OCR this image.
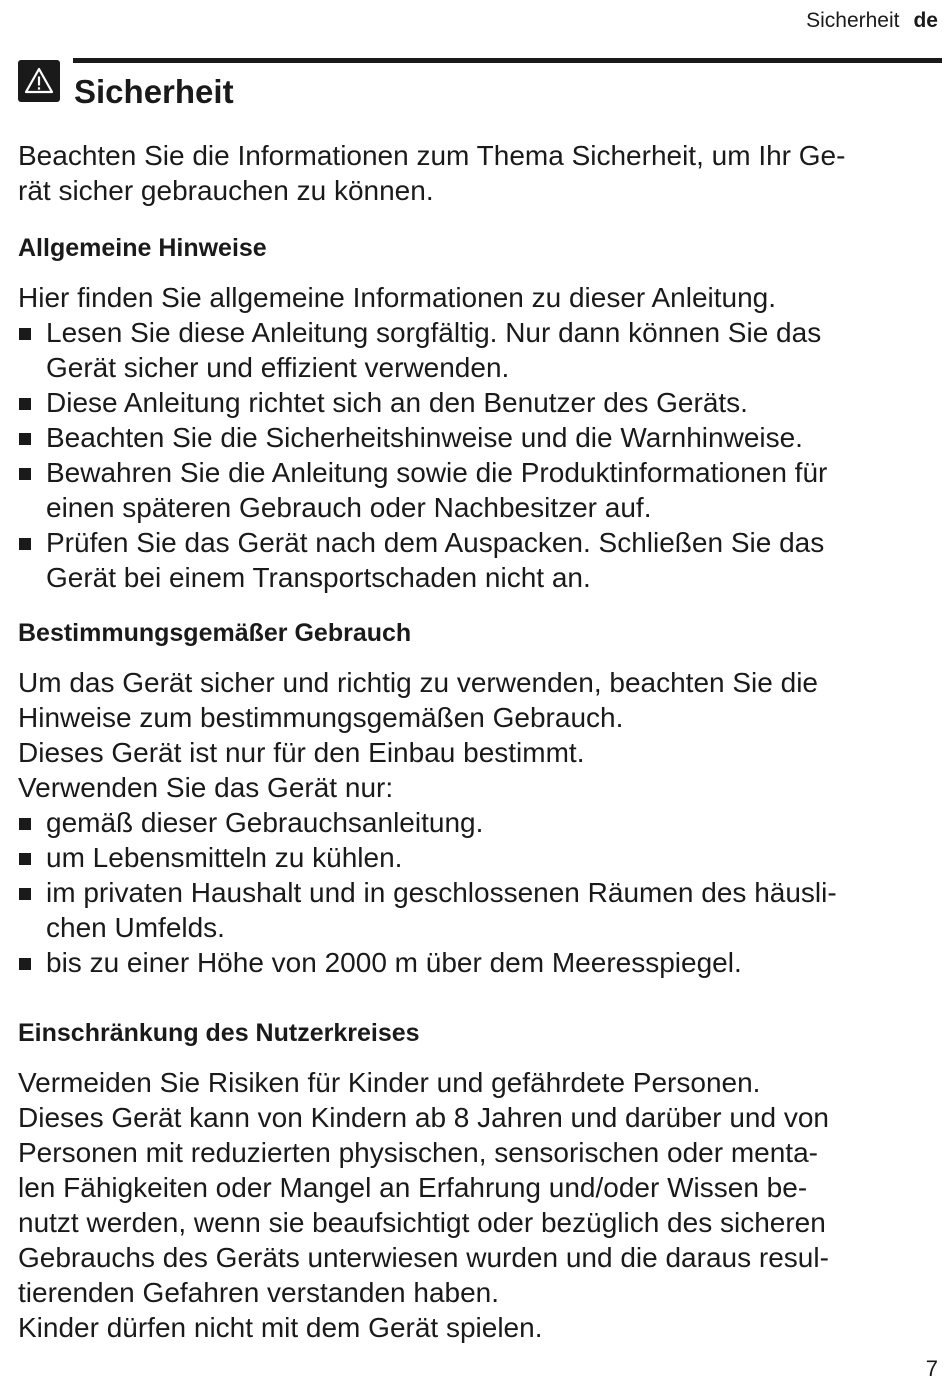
Sicherheit de
Sicherheit

Beachten Sie die Informationen zum Thema Sicherheit, um Ihr Ge-
rät sicher gebrauchen zu können.

Allgemeine Hinweise

Hier finden Sie allgemeine Informationen zu dieser Anleitung.

Lesen Sie diese Anleitung sorgfältig. Nur dann können Sie das
Gerät sicher und effizient verwenden.
Diese Anleitung richtet sich an den Benutzer des Geräts.
Beachten Sie die Sicherheitshinweise und die Warnhinweise.
Bewahren Sie die Anleitung sowie die Produktinformationen für
einen späteren Gebrauch oder Nachbesitzer auf.
Prüfen Sie das Gerät nach dem Auspacken. Schließen Sie das
Gerät bei einem Transportschaden nicht an.
Bestimmungsgemäßer Gebrauch

Um das Gerät sicher und richtig zu verwenden, beachten Sie die
Hinweise zum bestimmungsgemäßen Gebrauch.

Dieses Gerät ist nur für den Einbau bestimmt.

Verwenden Sie das Gerät nur:

gemäß dieser Gebrauchsanleitung.
um Lebensmitteln zu kühlen.
im privaten Haushalt und in geschlossenen Räumen des häusli-
chen Umfelds.
bis zu einer Höhe von 2000 m über dem Meeresspiegel.
Einschränkung des Nutzerkreises

Vermeiden Sie Risiken für Kinder und gefährdete Personen.

Dieses Gerät kann von Kindern ab 8 Jahren und darüber und von
Personen mit reduzierten physischen, sensorischen oder menta-
len Fähigkeiten oder Mangel an Erfahrung und/oder Wissen be-
nutzt werden, wenn sie beaufsichtigt oder bezüglich des sicheren
Gebrauchs des Geräts unterwiesen wurden und die daraus resul-
tierenden Gefahren verstanden haben.

Kinder dürfen nicht mit dem Gerät spielen.

7
